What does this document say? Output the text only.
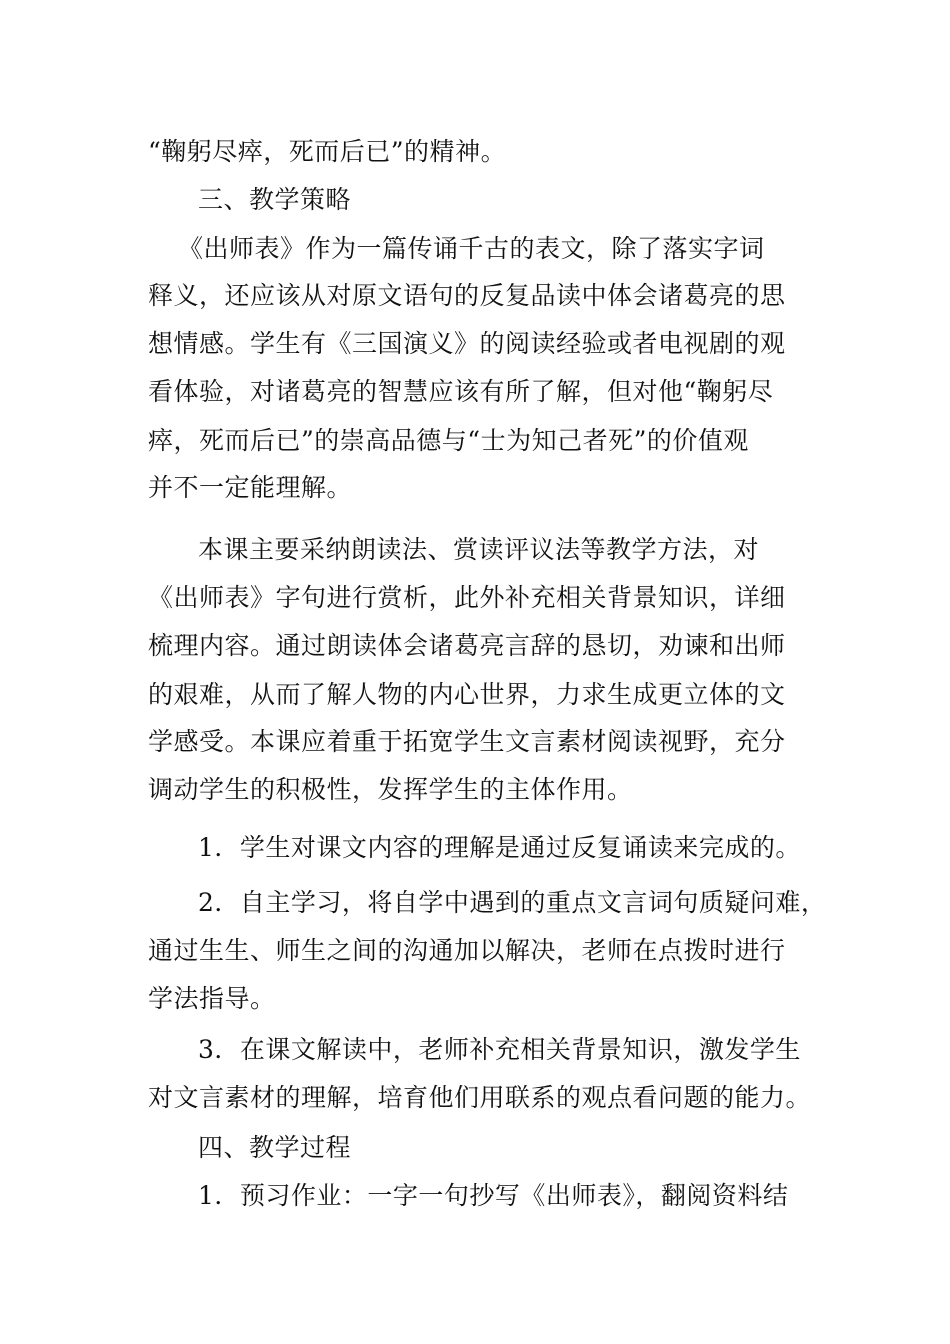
“鞠躬尽瘁，死而后已”的精神。
三、教学策略
《出师表》作为一篇传诵千古的表文，除了落实字词
释义，还应该从对原文语句的反复品读中体会诸葛亮的思
想情感。学生有《三国演义》的阅读经验或者电视剧的观
看体验，对诸葛亮的智慧应该有所了解，但对他“鞠躬尽
瘁，死而后已”的崇高品德与“士为知己者死”的价值观
并不一定能理解。
本课主要采纳朗读法、赏读评议法等教学方法，对
《出师表》字句进行赏析，此外补充相关背景知识，详细
梳理内容。通过朗读体会诸葛亮言辞的恳切，劝谏和出师
的艰难，从而了解人物的内心世界，力求生成更立体的文
学感受。本课应着重于拓宽学生文言素材阅读视野，充分
调动学生的积极性，发挥学生的主体作用。
1．学生对课文内容的理解是通过反复诵读来完成的。
2．自主学习，将自学中遇到的重点文言词句质疑问难，
通过生生、师生之间的沟通加以解决，老师在点拨时进行
学法指导。
3．在课文解读中，老师补充相关背景知识，激发学生
对文言素材的理解，培育他们用联系的观点看问题的能力。
四、教学过程
1．预习作业：一字一句抄写《出师表》，翻阅资料结
